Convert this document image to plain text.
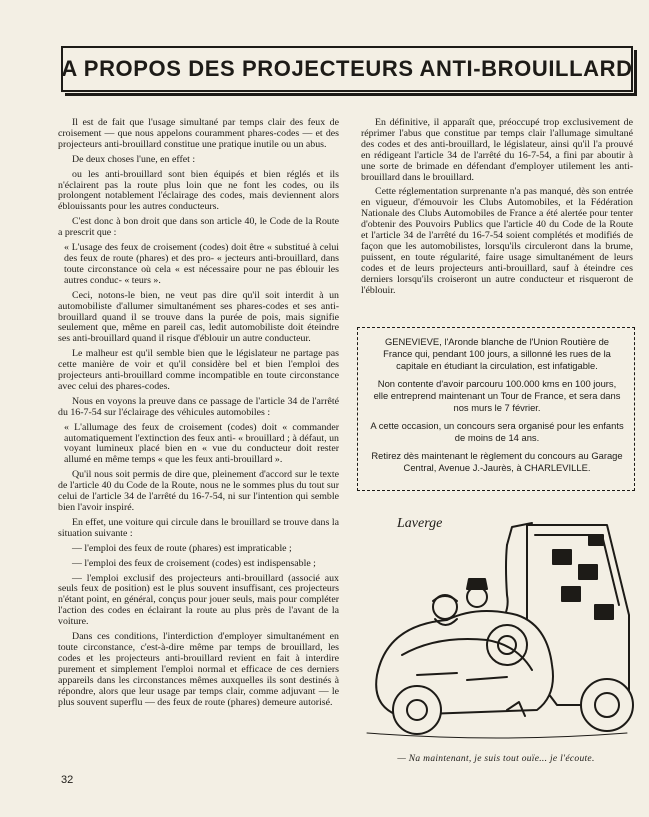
A PROPOS DES PROJECTEURS ANTI-BROUILLARD

Il est de fait que l'usage simultané par temps clair des feux de croisement — que nous appelons couramment phares-codes — et des projecteurs anti-brouillard constitue une pratique inutile ou un abus.

De deux choses l'une, en effet :

ou les anti-brouillard sont bien équipés et bien réglés et ils n'éclairent pas la route plus loin que ne font les codes, ou ils prolongent notablement l'éclairage des codes, mais deviennent alors éblouissants pour les autres conducteurs.

C'est donc à bon droit que dans son article 40, le Code de la Route a prescrit que :

« L'usage des feux de croisement (codes) doit être « substitué à celui des feux de route (phares) et des pro- « jecteurs anti-brouillard, dans toute circonstance où cela « est nécessaire pour ne pas éblouir les autres conduc- « teurs ».

Ceci, notons-le bien, ne veut pas dire qu'il soit interdit à un automobiliste d'allumer simultanément ses phares-codes et ses anti-brouillard quand il se trouve dans la purée de pois, mais signifie seulement que, même en pareil cas, ledit automobiliste doit éteindre ses anti-brouillard quand il risque d'éblouir un autre conducteur.

Le malheur est qu'il semble bien que le législateur ne partage pas cette manière de voir et qu'il considère bel et bien l'emploi des projecteurs anti-brouillard comme incompatible en toute circonstance avec celui des phares-codes.

Nous en voyons la preuve dans ce passage de l'article 34 de l'arrêté du 16-7-54 sur l'éclairage des véhicules automobiles :

« L'allumage des feux de croisement (codes) doit « commander automatiquement l'extinction des feux anti- « brouillard ; à défaut, un voyant lumineux placé bien en « vue du conducteur doit rester allumé en même temps « que les feux anti-brouillard ».

Qu'il nous soit permis de dire que, pleinement d'accord sur le texte de l'article 40 du Code de la Route, nous ne le sommes plus du tout sur celui de l'article 34 de l'arrêté du 16-7-54, ni sur l'intention qui semble bien l'avoir inspiré.

En effet, une voiture qui circule dans le brouillard se trouve dans la situation suivante :

— l'emploi des feux de route (phares) est impraticable ;

— l'emploi des feux de croisement (codes) est indispensable ;

— l'emploi exclusif des projecteurs anti-brouillard (associé aux seuls feux de position) est le plus souvent insuffisant, ces projecteurs n'étant point, en général, conçus pour jouer seuls, mais pour compléter l'action des codes en éclairant la route au plus près de l'avant de la voiture.

Dans ces conditions, l'interdiction d'employer simultanément en toute circonstance, c'est-à-dire même par temps de brouillard, les codes et les projecteurs anti-brouillard revient en fait à interdire purement et simplement l'emploi normal et efficace de ces derniers appareils dans les circonstances mêmes auxquelles ils sont destinés à répondre, alors que leur usage par temps clair, comme adjuvant — le plus souvent superflu — des feux de route (phares) demeure autorisé.

En définitive, il apparaît que, préoccupé trop exclusivement de réprimer l'abus que constitue par temps clair l'allumage simultané des codes et des anti-brouillard, le législateur, ainsi qu'il l'a prouvé en rédigeant l'article 34 de l'arrêté du 16-7-54, a fini par aboutir à une sorte de brimade en défendant d'employer utilement les anti-brouillard dans le brouillard.

Cette réglementation surprenante n'a pas manqué, dès son entrée en vigueur, d'émouvoir les Clubs Automobiles, et la Fédération Nationale des Clubs Automobiles de France a été alertée pour tenter d'obtenir des Pouvoirs Publics que l'article 40 du Code de la Route et l'article 34 de l'arrêté du 16-7-54 soient complétés et modifiés de façon que les automobilistes, lorsqu'ils circuleront dans la brume, puissent, en toute régularité, faire usage simultanément de leurs codes et de leurs projecteurs anti-brouillard, sauf à éteindre ces derniers lorsqu'ils croiseront un autre conducteur et risqueront de l'éblouir.

GENEVIEVE, l'Aronde blanche de l'Union Routière de France qui, pendant 100 jours, a sillonné les rues de la capitale en étudiant la circulation, est infatigable.

Non contente d'avoir parcouru 100.000 kms en 100 jours, elle entreprend maintenant un Tour de France, et sera dans nos murs le 7 février.

A cette occasion, un concours sera organisé pour les enfants de moins de 14 ans.

Retirez dès maintenant le règlement du concours au Garage Central, Avenue J.-Jaurès, à CHARLEVILLE.

Laverge
— Na maintenant, je suis tout ouïe... je l'écoute.
32
